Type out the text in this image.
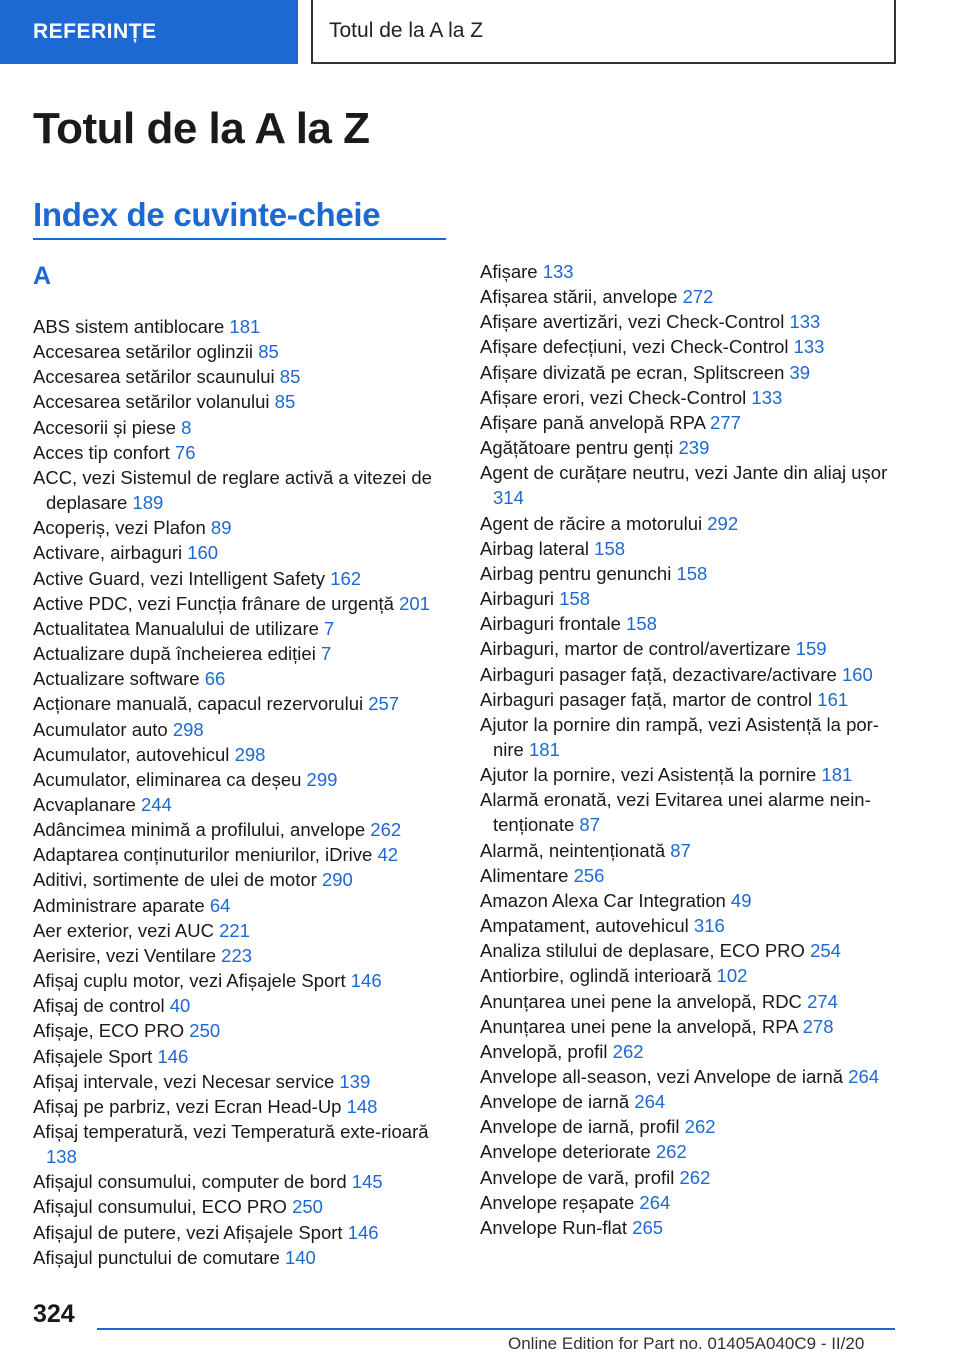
REFERINȚE	Totul de la A la Z
Totul de la A la Z
Index de cuvinte-cheie
A
ABS sistem antiblocare 181
Accesarea setărilor oglinzii 85
Accesarea setărilor scaunului 85
Accesarea setărilor volanului 85
Accesorii și piese 8
Acces tip confort 76
ACC, vezi Sistemul de reglare activă a vitezei de deplasare 189
Acoperiș, vezi Plafon 89
Activare, airbaguri 160
Active Guard, vezi Intelligent Safety 162
Active PDC, vezi Funcția frânare de urgență 201
Actualitatea Manualului de utilizare 7
Actualizare după încheierea ediției 7
Actualizare software 66
Acționare manuală, capacul rezervorului 257
Acumulator auto 298
Acumulator, autovehicul 298
Acumulator, eliminarea ca deșeu 299
Acvaplanare 244
Adâncimea minimă a profilului, anvelope 262
Adaptarea conținuturilor meniurilor, iDrive 42
Aditivi, sortimente de ulei de motor 290
Administrare aparate 64
Aer exterior, vezi AUC 221
Aerisire, vezi Ventilare 223
Afișaj cuplu motor, vezi Afișajele Sport 146
Afișaj de control 40
Afișaje, ECO PRO 250
Afișajele Sport 146
Afișaj intervale, vezi Necesar service 139
Afișaj pe parbriz, vezi Ecran Head-Up 148
Afișaj temperatură, vezi Temperatură exte-rioară 138
Afișajul consumului, computer de bord 145
Afișajul consumului, ECO PRO 250
Afișajul de putere, vezi Afișajele Sport 146
Afișajul punctului de comutare 140
Afișare 133
Afișarea stării, anvelope 272
Afișare avertizări, vezi Check-Control 133
Afișare defecțiuni, vezi Check-Control 133
Afișare divizată pe ecran, Splitscreen 39
Afișare erori, vezi Check-Control 133
Afișare pană anvelopă RPA 277
Agățătoare pentru genți 239
Agent de curățare neutru, vezi Jante din aliaj ușor 314
Agent de răcire a motorului 292
Airbag lateral 158
Airbag pentru genunchi 158
Airbaguri 158
Airbaguri frontale 158
Airbaguri, martor de control/avertizare 159
Airbaguri pasager față, dezactivare/activare 160
Airbaguri pasager față, martor de control 161
Ajutor la pornire din rampă, vezi Asistență la por-nire 181
Ajutor la pornire, vezi Asistență la pornire 181
Alarmă eronată, vezi Evitarea unei alarme nein-tenționate 87
Alarmă, neintenționată 87
Alimentare 256
Amazon Alexa Car Integration 49
Ampatament, autovehicul 316
Analiza stilului de deplasare, ECO PRO 254
Antiorbire, oglindă interioară 102
Anunțarea unei pene la anvelopă, RDC 274
Anunțarea unei pene la anvelopă, RPA 278
Anvelopă, profil 262
Anvelope all-season, vezi Anvelope de iarnă 264
Anvelope de iarnă 264
Anvelope de iarnă, profil 262
Anvelope deteriorate 262
Anvelope de vară, profil 262
Anvelope reșapate 264
Anvelope Run-flat 265
324
Online Edition for Part no. 01405A040C9 - II/20
